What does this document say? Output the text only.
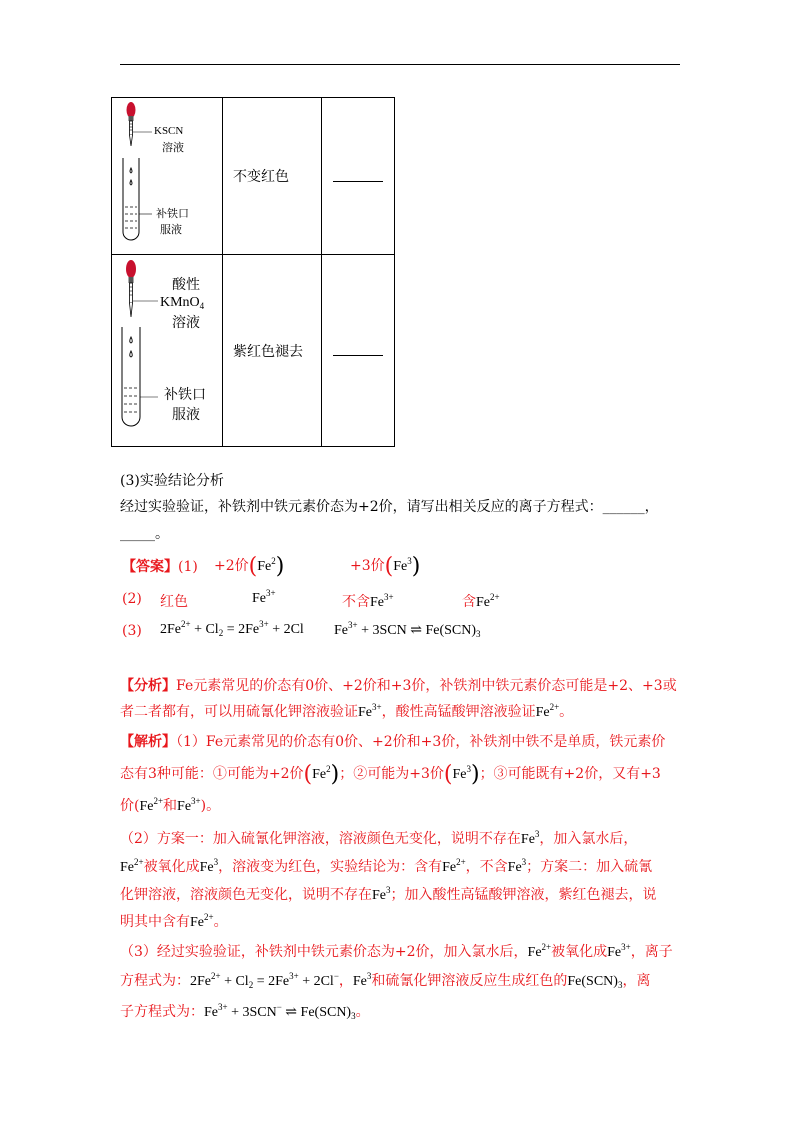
KSCN
溶液
补铁口
服液	不变红色	

酸性
KMnO$_4$
溶液
补铁口
服液	紫红色褪去	
(3)实验结论分析
经过实验验证，补铁剂中铁元素价态为+2价，请写出相关反应的离子方程式：______，
_____。
【答案】(1) +2价$(Fe^2)$	+3价(Fe$^3$)
(2) 红色	$Fe^{3+}$
不含$Fe^{3+}$	含$Fe^{2+}$
(3) $2Fe^{2+} + Cl_2 = 2Fe^{3+} + 2Cl$ $Fe^{3+} + 3SCN$ ⇌ $Fe(SCN)_3$
【分析】Fe元素常见的价态有0价、+2价和+3价，补铁剂中铁元素价态可能是+2、+3或
者二者都有，可以用硫氰化钾溶液验证$Fe^{3+}$，酸性高锰酸钾溶液验证$Fe^{2+}$。
【解析】（1）Fe元素常见的价态有0价、+2价和+3价，补铁剂中铁不是单质，铁元素价
态有3种可能：①可能为+2价(Fe$^2$)；②可能为+3价(Fe$^3$)；③可能既有+2价，又有+3
价($Fe^{2+}$和$Fe^{3+}$)。
（2）方案一：加入硫氰化钾溶液，溶液颜色无变化，说明不存在Fe$^3$，加入氯水后，
$Fe^{2+}$被氧化成Fe$^3$，溶液变为红色，实验结论为：含有$Fe^{2+}$，不含Fe$^3$；方案二：加入硫氰
化钾溶液，溶液颜色无变化，说明不存在Fe$^3$；加入酸性高锰酸钾溶液，紫红色褪去，说
明其中含有$Fe^{2+}$。
（3）经过实验验证，补铁剂中铁元素价态为+2价，加入氯水后，$Fe^{2+}$被氧化成$Fe^{3+}$，离子
方程式为：$2Fe^{2+} + Cl_2 = 2Fe^{3+} + 2Cl^-$，Fe$^3$和硫氰化钾溶液反应生成红色的$Fe(SCN)_3$，离
子方程式为：$Fe^{3+} + 3SCN^-$ ⇌ $Fe(SCN)_3$。
